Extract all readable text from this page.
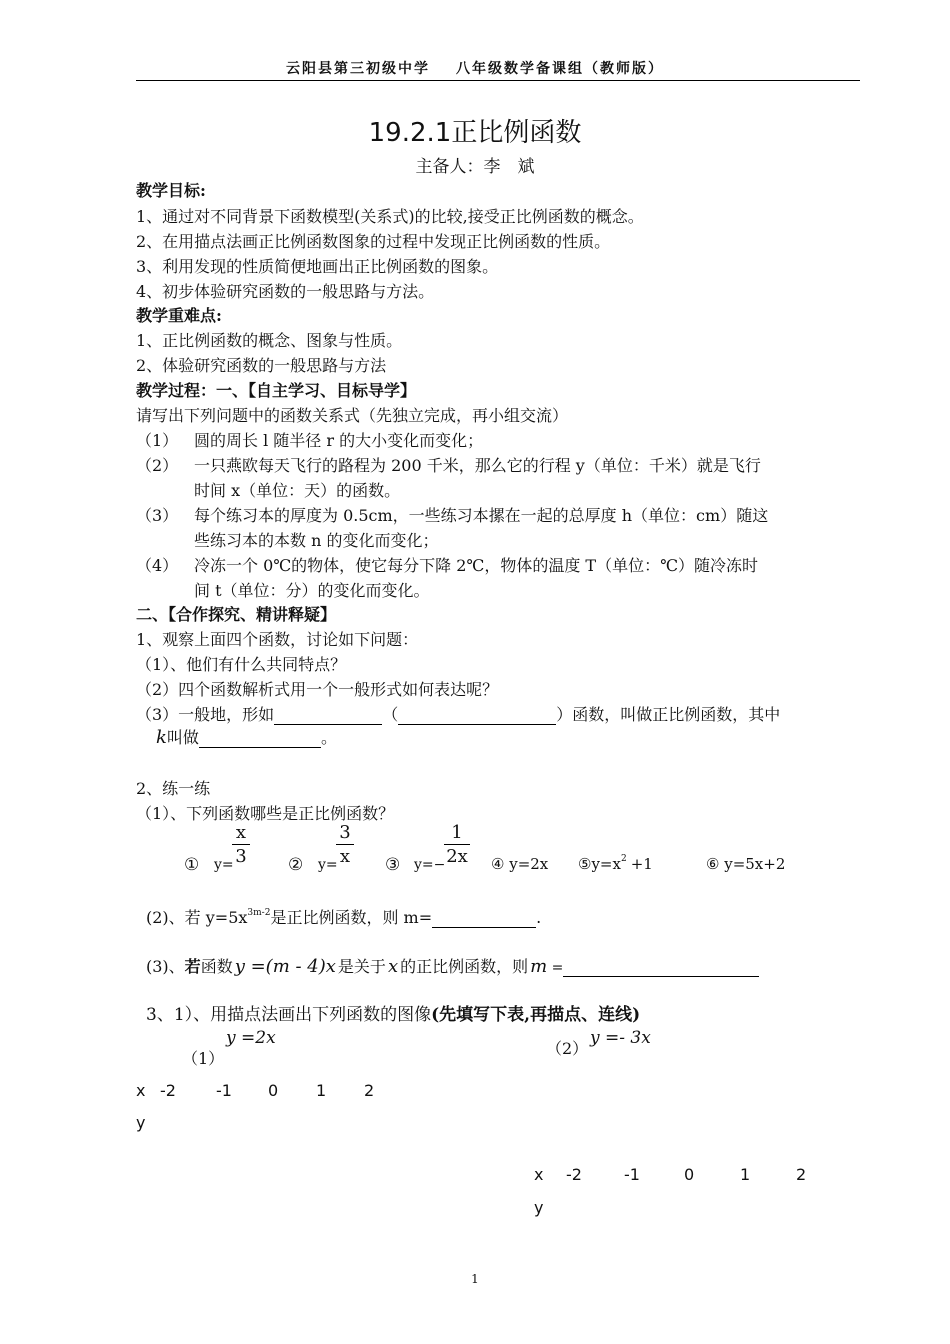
云阳县第三初级中学 八年级数学备课组（教师版）
19.2.1正比例函数
主备人：李　斌
教学目标:
1、通过对不同背景下函数模型(关系式)的比较,接受正比例函数的概念。
2、在用描点法画正比例函数图象的过程中发现正比例函数的性质。
3、利用发现的性质简便地画出正比例函数的图象。
4、初步体验研究函数的一般思路与方法。
教学重难点:
1、正比例函数的概念、图象与性质。
2、体验研究函数的一般思路与方法
教学过程：一、【自主学习、目标导学】
请写出下列问题中的函数关系式（先独立完成，再小组交流）
（1） 圆的周长 l 随半径 r 的大小变化而变化；
（2） 一只燕欧每天飞行的路程为 200 千米，那么它的行程 y（单位：千米）就是飞行
时间 x（单位：天）的函数。
（3） 每个练习本的厚度为 0.5cm，一些练习本摞在一起的总厚度 h（单位：cm）随这
些练习本的本数 n 的变化而变化；
（4） 冷冻一个 0℃的物体，使它每分下降 2℃，物体的温度 T（单位：℃）随冷冻时
间 t（单位：分）的变化而变化。
二、【合作探究、精讲释疑】
1、观察上面四个函数，讨论如下问题：
（1）、他们有什么共同特点？
（2）四个函数解析式用一个一般形式如何表达呢？
（3）一般地，形如	（	）函数，叫做正比例函数，其中
k叫做	。
2、练一练
（1）、下列函数哪些是正比例函数？
① y=
x
3 ② y=
3
x ③ y=−
1
2x ④ y=2x $⑤y=x^2 +1$	⑥ y=5x+2
(2)、若 $y=5x^{3m-2}$是正比例函数，则 m=	.
(3)、若函数 y =(m - 4)x 是关于 x 的正比例函数，则 m =
3、1）、用描点法画出下列函数的图像(先填写下表,再描点、连线)
（1）
y =2x
（2）
y =- 3x
x -2	-1 0 1 2
y
x -2	-1	0	1	2
y
1
